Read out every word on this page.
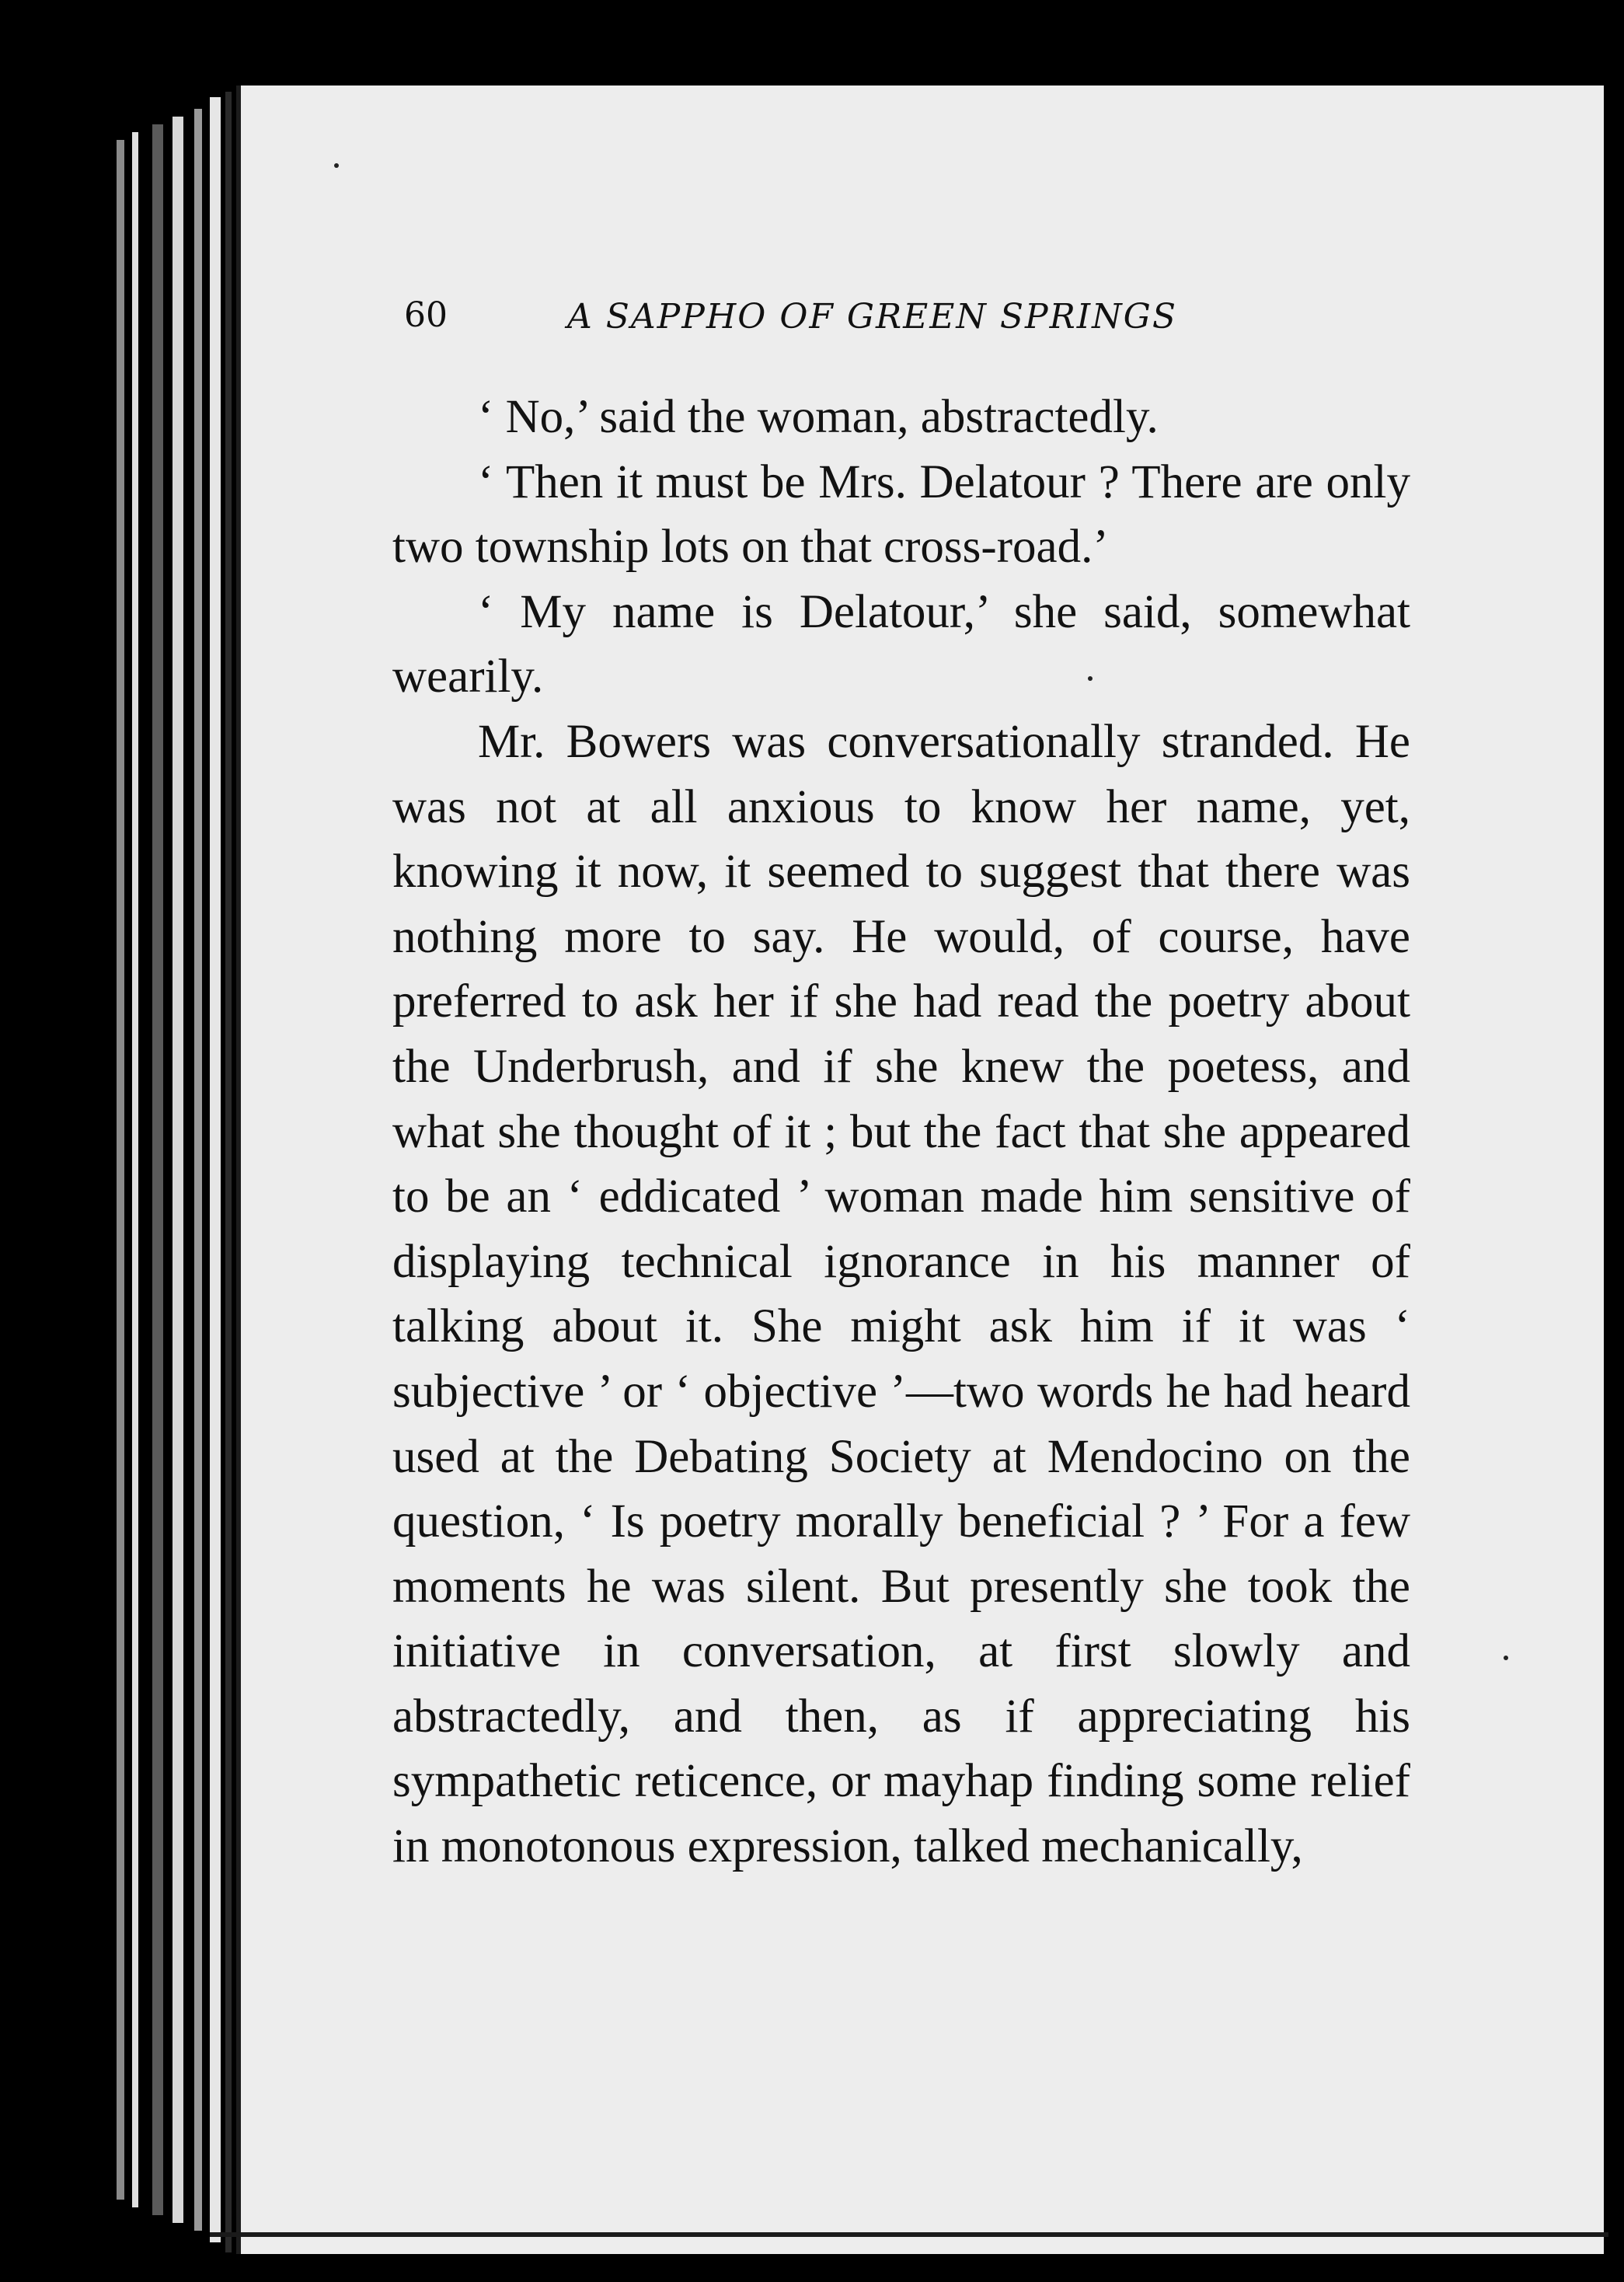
60	A SAPPHO OF GREEN SPRINGS

‘ No,’ said the woman, abstractedly.

‘ Then it must be Mrs. Delatour ? There are only two township lots on that cross-road.’

‘ My name is Delatour,’ she said, somewhat wearily.

Mr. Bowers was conversationally stranded. He was not at all anxious to know her name, yet, knowing it now, it seemed to suggest that there was nothing more to say. He would, of course, have preferred to ask her if she had read the poetry about the Underbrush, and if she knew the poetess, and what she thought of it ; but the fact that she appeared to be an ‘ eddicated ’ woman made him sensitive of displaying technical ignorance in his manner of talking about it. She might ask him if it was ‘ subjective ’ or ‘ objective ’—two words he had heard used at the Debating Society at Mendocino on the question, ‘ Is poetry morally beneficial ? ’ For a few moments he was silent. But presently she took the initiative in conversation, at first slowly and abstractedly, and then, as if appreciating his sympathetic reticence, or mayhap finding some relief in monotonous expression, talked mechanically,
